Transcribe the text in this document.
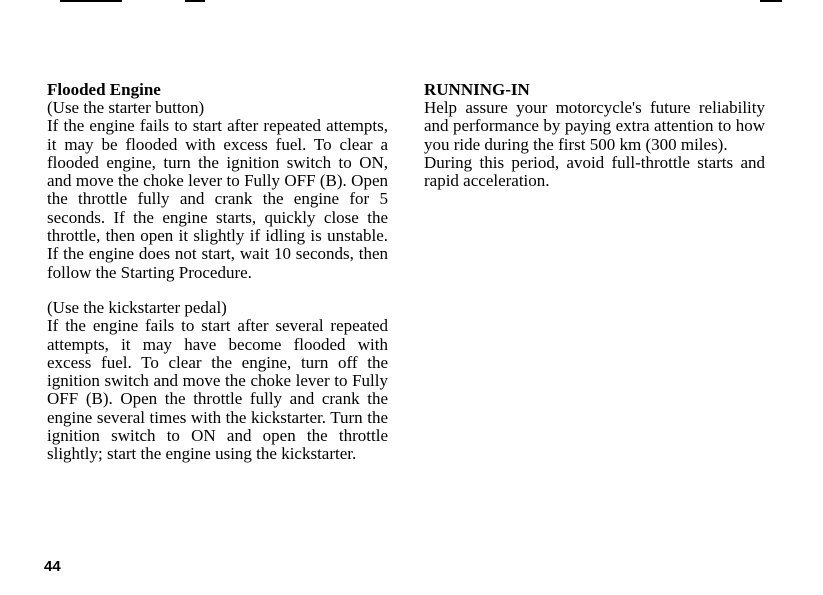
Flooded Engine

(Use the starter button)

If the engine fails to start after repeated attempts, it may be flooded with excess fuel. To clear a flooded engine, turn the ignition switch to ON, and move the choke lever to Fully OFF (B). Open the throttle fully and crank the engine for 5 seconds. If the engine starts, quickly close the throttle, then open it slightly if idling is unstable. If the engine does not start, wait 10 seconds, then follow the Starting Procedure.

(Use the kickstarter pedal)

If the engine fails to start after several repeated attempts, it may have become flooded with excess fuel. To clear the engine, turn off the ignition switch and move the choke lever to Fully OFF (B). Open the throttle fully and crank the engine several times with the kickstarter. Turn the ignition switch to ON and open the throttle slightly; start the engine using the kickstarter.

RUNNING-IN

Help assure your motorcycle's future reliability and performance by paying extra attention to how you ride during the first 500 km (300 miles).

During this period, avoid full-throttle starts and rapid acceleration.

44
